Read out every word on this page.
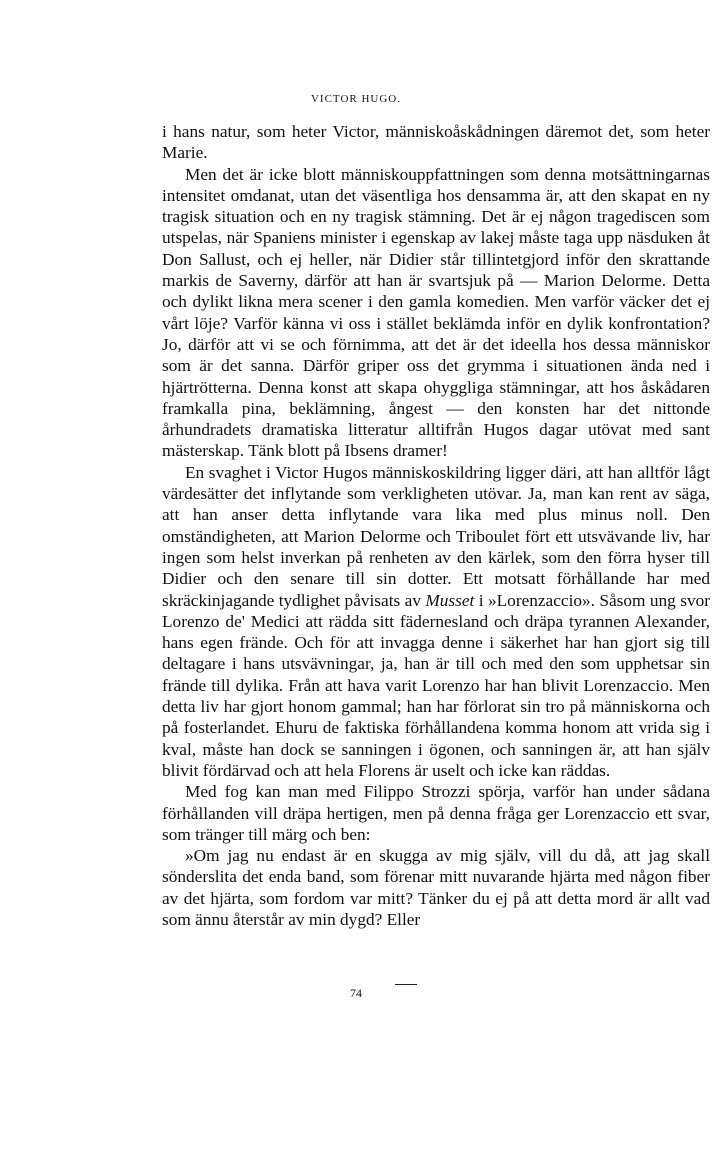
VICTOR HUGO.

i hans natur, som heter Victor, människoåskådningen däremot det, som heter Marie.

Men det är icke blott människouppfattningen som denna motsättningarnas intensitet omdanat, utan det väsentliga hos densamma är, att den skapat en ny tragisk situation och en ny tragisk stämning. Det är ej någon tragediscen som utspelas, när Spaniens minister i egenskap av lakej måste taga upp näsduken åt Don Sallust, och ej heller, när Didier står tillintetgjord inför den skrattande markis de Saverny, därför att han är svartsjuk på — Marion Delorme. Detta och dylikt likna mera scener i den gamla komedien. Men varför väcker det ej vårt löje? Varför känna vi oss i stället beklämda inför en dylik konfrontation? Jo, därför att vi se och förnimma, att det är det ideella hos dessa människor som är det sanna. Därför griper oss det grymma i situationen ända ned i hjärtrötterna. Denna konst att skapa ohyggliga stämningar, att hos åskådaren framkalla pina, beklämning, ångest — den konsten har det nittonde århundradets dramatiska litteratur alltifrån Hugos dagar utövat med sant mästerskap. Tänk blott på Ibsens dramer!

En svaghet i Victor Hugos människoskildring ligger däri, att han alltför lågt värdesätter det inflytande som verkligheten utövar. Ja, man kan rent av säga, att han anser detta inflytande vara lika med plus minus noll. Den omständigheten, att Marion Delorme och Triboulet fört ett utsvävande liv, har ingen som helst inverkan på renheten av den kärlek, som den förra hyser till Didier och den senare till sin dotter. Ett motsatt förhållande har med skräckinjagande tydlighet påvisats av Musset i »Lorenzaccio». Såsom ung svor Lorenzo de' Medici att rädda sitt fädernesland och dräpa tyrannen Alexander, hans egen frände. Och för att invagga denne i säkerhet har han gjort sig till deltagare i hans utsvävningar, ja, han är till och med den som upphetsar sin frände till dylika. Från att hava varit Lorenzo har han blivit Lorenzaccio. Men detta liv har gjort honom gammal; han har förlorat sin tro på människorna och på fosterlandet. Ehuru de faktiska förhållandena komma honom att vrida sig i kval, måste han dock se sanningen i ögonen, och sanningen är, att han själv blivit fördärvad och att hela Florens är uselt och icke kan räddas.

Med fog kan man med Filippo Strozzi spörja, varför han under sådana förhållanden vill dräpa hertigen, men på denna fråga ger Lorenzaccio ett svar, som tränger till märg och ben:

»Om jag nu endast är en skugga av mig själv, vill du då, att jag skall sönderslita det enda band, som förenar mitt nuvarande hjärta med någon fiber av det hjärta, som fordom var mitt? Tänker du ej på att detta mord är allt vad som ännu återstår av min dygd? Eller

74
